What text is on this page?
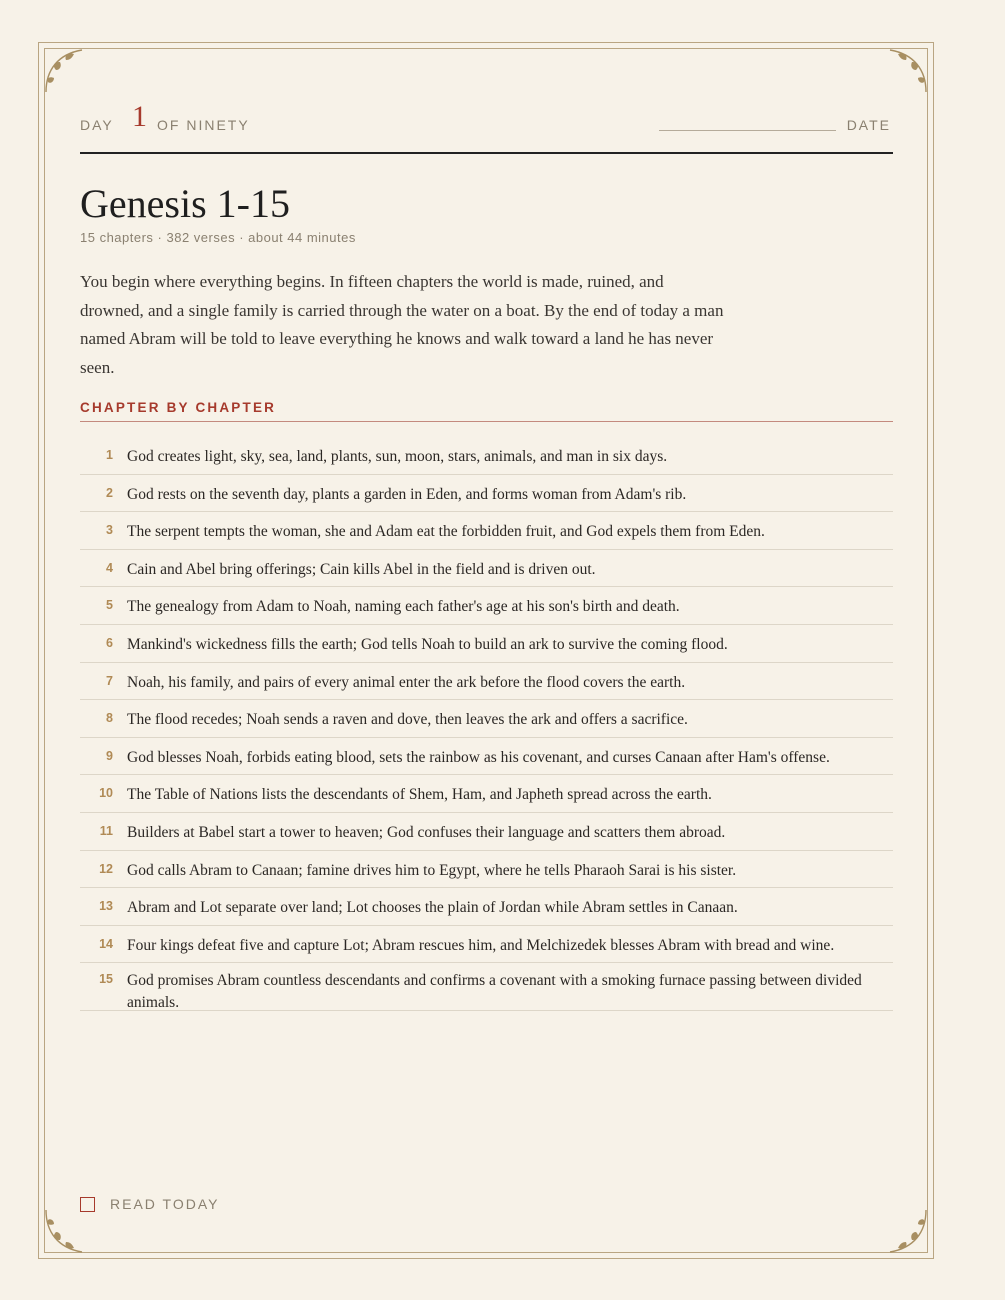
DAY 1 OF NINETY	DATE
Genesis 1-15
15 chapters · 382 verses · about 44 minutes

You begin where everything begins. In fifteen chapters the world is made, ruined, and drowned, and a single family is carried through the water on a boat. By the end of today a man named Abram will be told to leave everything he knows and walk toward a land he has never seen.

CHAPTER BY CHAPTER
1 God creates light, sky, sea, land, plants, sun, moon, stars, animals, and man in six days.
2 God rests on the seventh day, plants a garden in Eden, and forms woman from Adam's rib.
3 The serpent tempts the woman, she and Adam eat the forbidden fruit, and God expels them from Eden.
4 Cain and Abel bring offerings; Cain kills Abel in the field and is driven out.
5 The genealogy from Adam to Noah, naming each father's age at his son's birth and death.
6 Mankind's wickedness fills the earth; God tells Noah to build an ark to survive the coming flood.
7 Noah, his family, and pairs of every animal enter the ark before the flood covers the earth.
8 The flood recedes; Noah sends a raven and dove, then leaves the ark and offers a sacrifice.
9 God blesses Noah, forbids eating blood, sets the rainbow as his covenant, and curses Canaan after Ham's offense.
10 The Table of Nations lists the descendants of Shem, Ham, and Japheth spread across the earth.
11 Builders at Babel start a tower to heaven; God confuses their language and scatters them abroad.
12 God calls Abram to Canaan; famine drives him to Egypt, where he tells Pharaoh Sarai is his sister.
13 Abram and Lot separate over land; Lot chooses the plain of Jordan while Abram settles in Canaan.
14 Four kings defeat five and capture Lot; Abram rescues him, and Melchizedek blesses Abram with bread and wine.
15 God promises Abram countless descendants and confirms a covenant with a smoking furnace passing between divided animals.
READ TODAY
